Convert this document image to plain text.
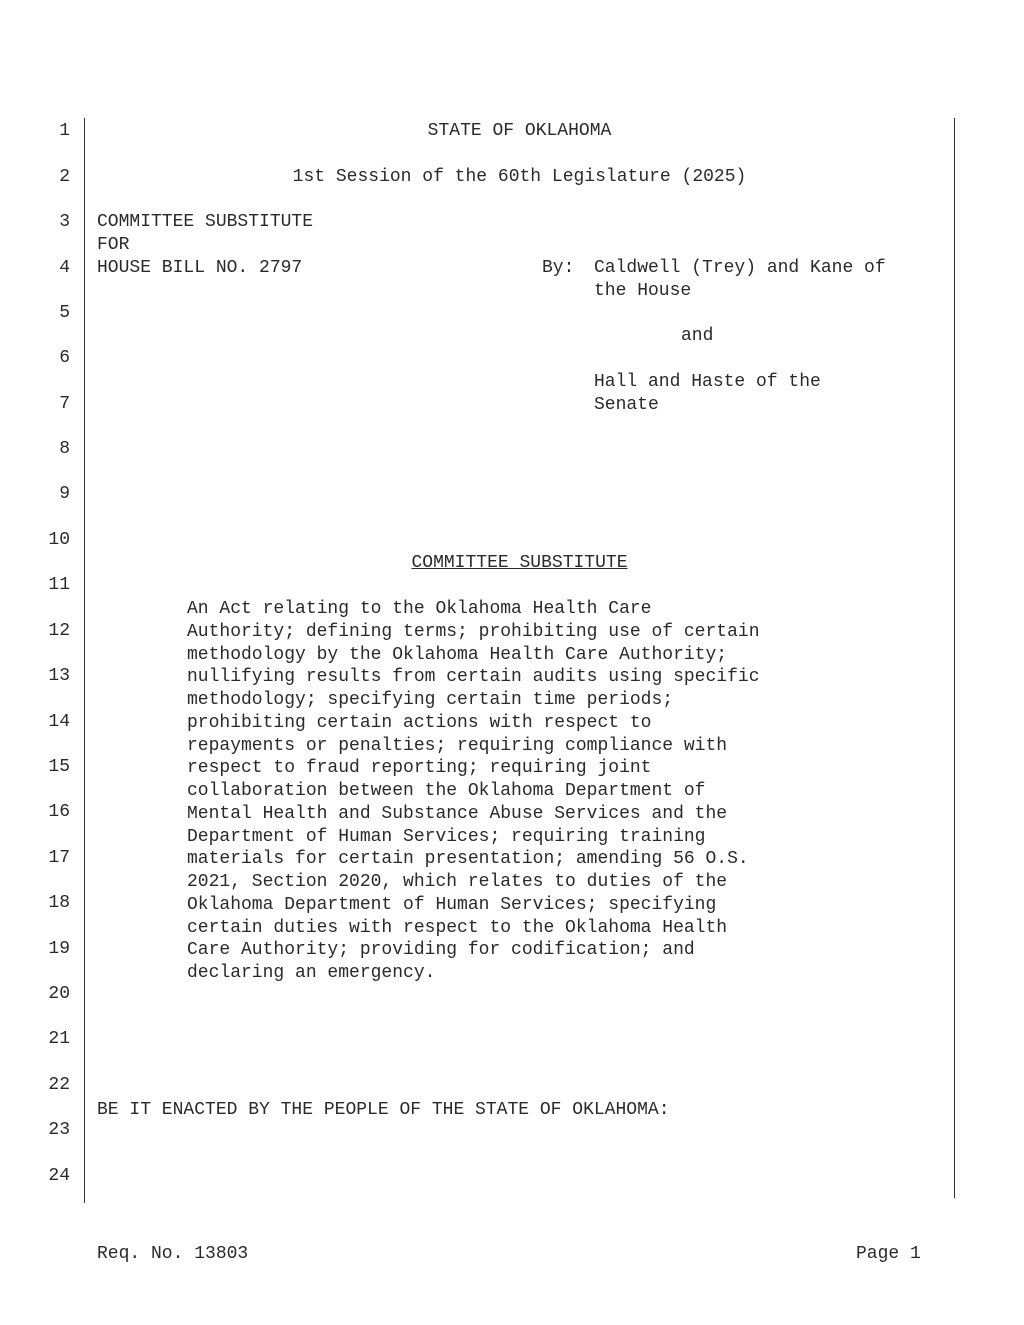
1
2
3
4
5
6
7
8
9
10
11
12
13
14
15
16
17
18
19
20
21
22
23
24
STATE OF OKLAHOMA
1st Session of the 60th Legislature (2025)
COMMITTEE SUBSTITUTE
FOR
HOUSE BILL NO. 2797	By: Caldwell (Trey) and Kane of
the House
and
Hall and Haste of the
Senate
COMMITTEE SUBSTITUTE
An Act relating to the Oklahoma Health Care
Authority; defining terms; prohibiting use of certain
methodology by the Oklahoma Health Care Authority;
nullifying results from certain audits using specific
methodology; specifying certain time periods;
prohibiting certain actions with respect to
repayments or penalties; requiring compliance with
respect to fraud reporting; requiring joint
collaboration between the Oklahoma Department of
Mental Health and Substance Abuse Services and the
Department of Human Services; requiring training
materials for certain presentation; amending 56 O.S.
2021, Section 2020, which relates to duties of the
Oklahoma Department of Human Services; specifying
certain duties with respect to the Oklahoma Health
Care Authority; providing for codification; and
declaring an emergency.
BE IT ENACTED BY THE PEOPLE OF THE STATE OF OKLAHOMA:
Req. No. 13803	Page 1
